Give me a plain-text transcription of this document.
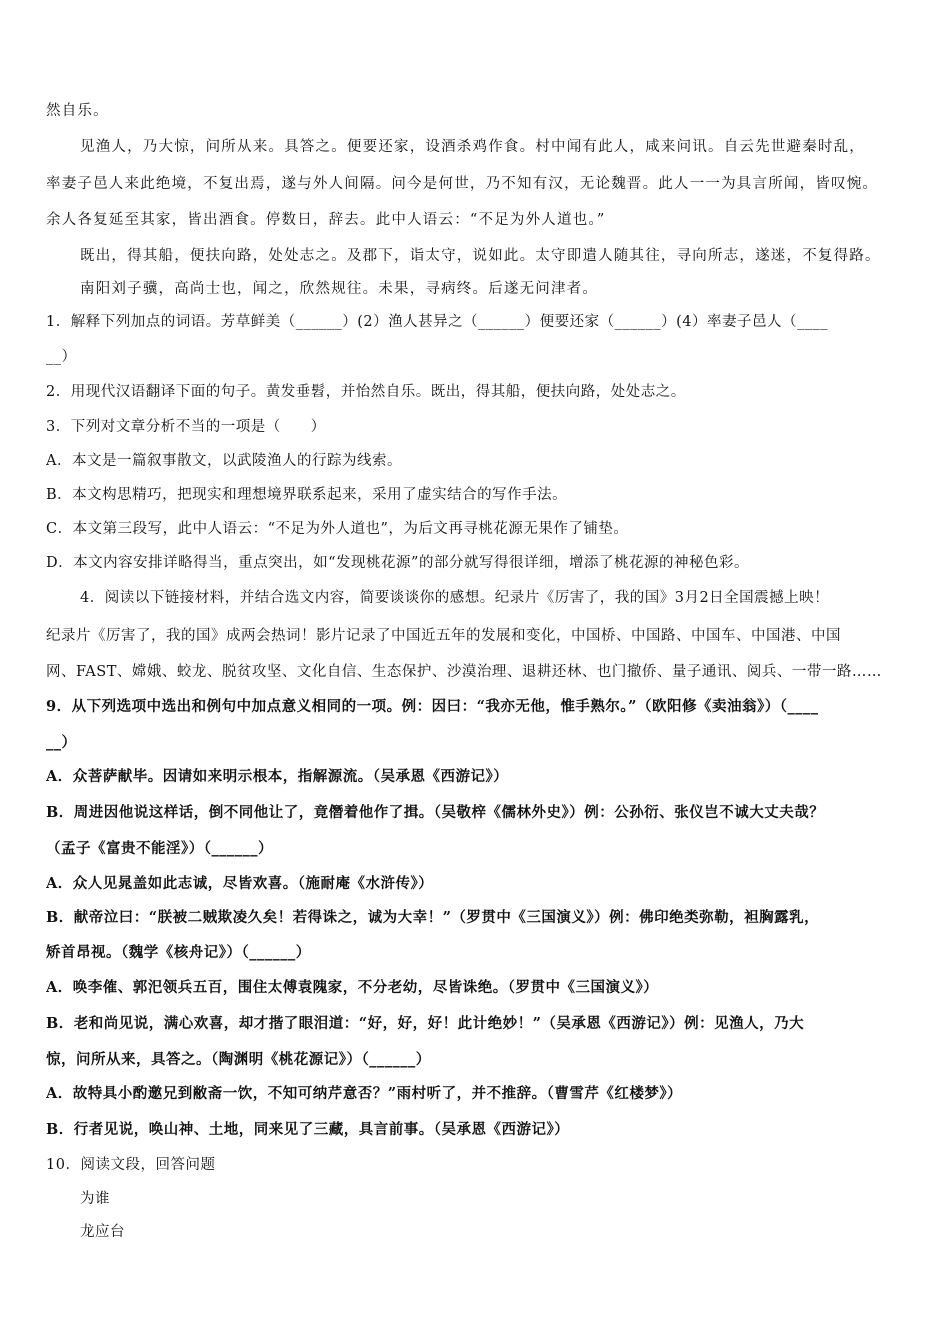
然自乐。
见渔人，乃大惊，问所从来。具答之。便要还家，设酒杀鸡作食。村中闻有此人，咸来问讯。自云先世避秦时乱，
率妻子邑人来此绝境，不复出焉，遂与外人间隔。问今是何世，乃不知有汉，无论魏晋。此人一一为具言所闻，皆叹惋。
余人各复延至其家，皆出酒食。停数日，辞去。此中人语云：“不足为外人道也。”
既出，得其船，便扶向路，处处志之。及郡下，诣太守，说如此。太守即遣人随其往，寻向所志，遂迷，不复得路。
南阳刘子骥，高尚士也，闻之，欣然规往。未果，寻病终。后遂无问津者。
1．解释下列加点的词语。芳草鲜美（______）(2）渔人甚异之（______）便要还家（______）(4）率妻子邑人（____
__）
2．用现代汉语翻译下面的句子。黄发垂髫，并怡然自乐。既出，得其船，便扶向路，处处志之。
3．下列对文章分析不当的一项是（　　）
A．本文是一篇叙事散文，以武陵渔人的行踪为线索。
B．本文构思精巧，把现实和理想境界联系起来，采用了虚实结合的写作手法。
C．本文第三段写，此中人语云：“不足为外人道也”，为后文再寻桃花源无果作了铺垫。
D．本文内容安排详略得当，重点突出，如“发现桃花源”的部分就写得很详细，增添了桃花源的神秘色彩。
4．阅读以下链接材料，并结合选文内容，简要谈谈你的感想。纪录片《厉害了，我的国》3月2日全国震撼上映！
纪录片《厉害了，我的国》成两会热词！影片记录了中国近五年的发展和变化，中国桥、中国路、中国车、中国港、中国
网、FAST、嫦娥、蛟龙、脱贫攻坚、文化自信、生态保护、沙漠治理、退耕还林、也门撤侨、量子通讯、阅兵、一带一路……
9．从下列选项中选出和例句中加点意义相同的一项。例：因曰：“我亦无他，惟手熟尔。”（欧阳修《卖油翁》）（____
__）
A．众菩萨献毕。因请如来明示根本，指解源流。（吴承恩《西游记》）
B．周进因他说这样话，倒不同他让了，竟僭着他作了揖。（吴敬梓《儒林外史》）例：公孙衍、张仪岂不诚大丈夫哉？
（孟子《富贵不能淫》）（______）
A．众人见晁盖如此志诚，尽皆欢喜。（施耐庵《水浒传》）
B．献帝泣曰：“朕被二贼欺凌久矣！若得诛之，诚为大幸！”（罗贯中《三国演义》）例：佛印绝类弥勒，袒胸露乳，
矫首昂视。（魏学《核舟记》）（______）
A．唤李傕、郭汜领兵五百，围住太傅袁隗家，不分老幼，尽皆诛绝。（罗贯中《三国演义》）
B．老和尚见说，满心欢喜，却才揩了眼泪道：“好，好，好！此计绝妙！”（吴承恩《西游记》）例：见渔人，乃大
惊，问所从来，具答之。（陶渊明《桃花源记》）（______）
A．故特具小酌邀兄到敝斋一饮，不知可纳芹意否？”雨村听了，并不推辞。（曹雪芹《红楼梦》）
B．行者见说，唤山神、土地，同来见了三藏，具言前事。（吴承恩《西游记》）
10．阅读文段，回答问题
为谁
龙应台
